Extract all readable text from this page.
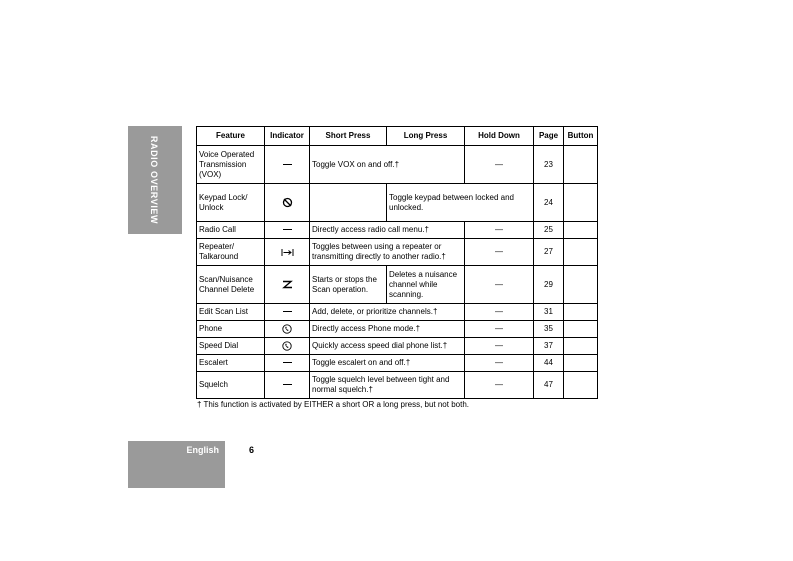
RADIO OVERVIEW
Feature	Indicator	Short Press	Long Press	Hold Down	Page	Button
Voice Operated Transmission (VOX)		Toggle VOX on and off.†		—	23	
Keypad Lock/ Unlock			Toggle keypad between locked and unlocked.		24	
Radio Call		Directly access radio call menu.†		—	25	
Repeater/ Talkaround		Toggles between using a repeater or transmitting directly to another radio.†		—	27	
Scan/Nuisance Channel Delete		Starts or stops the Scan operation.	Deletes a nuisance channel while scanning.	—	29	
Edit Scan List		Add, delete, or prioritize channels.†		—	31	
Phone		Directly access Phone mode.†		—	35	
Speed Dial		Quickly access speed dial phone list.†		—	37	
Escalert		Toggle escalert on and off.†		—	44	
Squelch		Toggle squelch level between tight and normal squelch.†		—	47	
† This function is activated by EITHER a short OR a long press, but not both.
English	6
